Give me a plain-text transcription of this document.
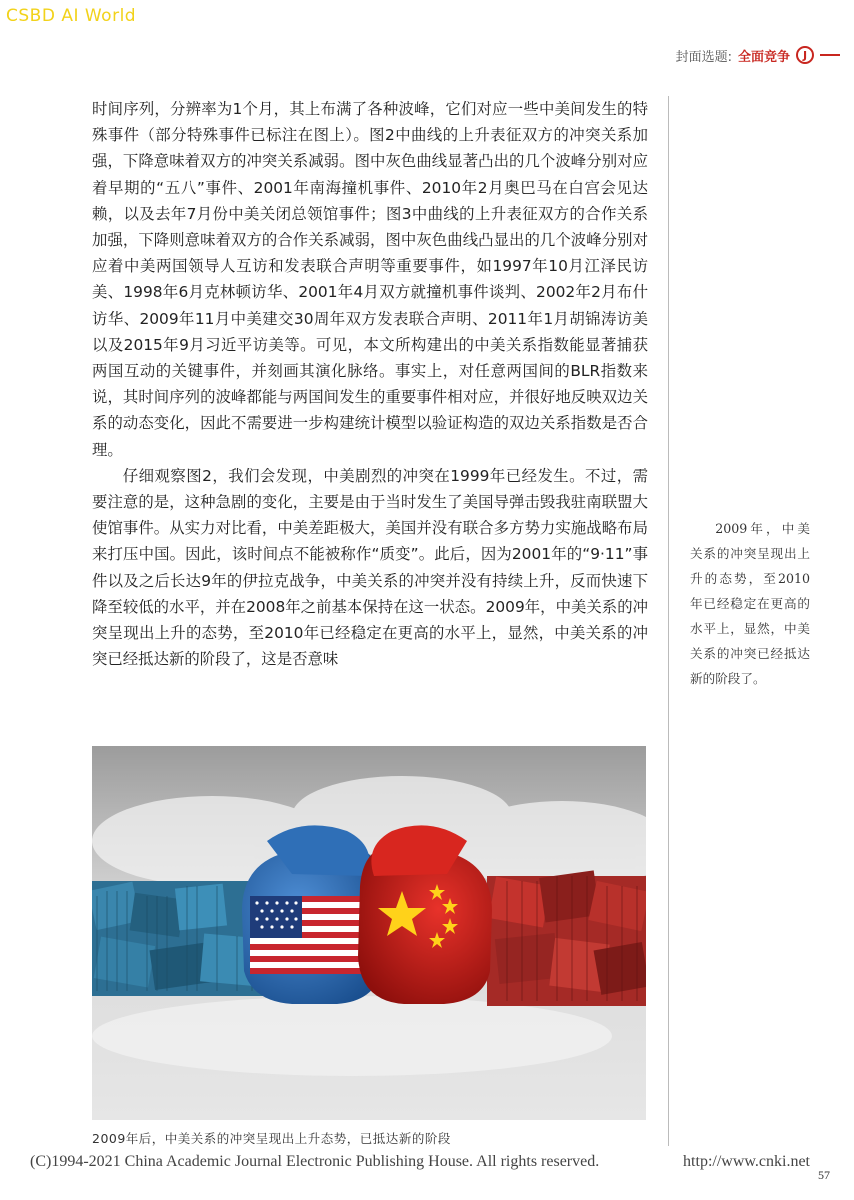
CSBD AI World
封面选题: 全面竞争 J

时间序列，分辨率为1个月，其上布满了各种波峰，它们对应一些中美间发生的特殊事件（部分特殊事件已标注在图上）。图2中曲线的上升表征双方的冲突关系加强，下降意味着双方的冲突关系减弱。图中灰色曲线显著凸出的几个波峰分别对应着早期的“五八”事件、2001年南海撞机事件、2010年2月奥巴马在白宫会见达赖，以及去年7月份中美关闭总领馆事件；图3中曲线的上升表征双方的合作关系加强，下降则意味着双方的合作关系减弱，图中灰色曲线凸显出的几个波峰分别对应着中美两国领导人互访和发表联合声明等重要事件，如1997年10月江泽民访美、1998年6月克林顿访华、2001年4月双方就撞机事件谈判、2002年2月布什访华、2009年11月中美建交30周年双方发表联合声明、2011年1月胡锦涛访美以及2015年9月习近平访美等。可见，本文所构建出的中美关系指数能显著捕获两国互动的关键事件，并刻画其演化脉络。事实上，对任意两国间的BLR指数来说，其时间序列的波峰都能与两国间发生的重要事件相对应，并很好地反映双边关系的动态变化，因此不需要进一步构建统计模型以验证构造的双边关系指数是否合理。

仔细观察图2，我们会发现，中美剧烈的冲突在1999年已经发生。不过，需要注意的是，这种急剧的变化，主要是由于当时发生了美国导弹击毁我驻南联盟大使馆事件。从实力对比看，中美差距极大，美国并没有联合多方势力实施战略布局来打压中国。因此，该时间点不能被称作“质变”。此后，因为2001年的“9·11”事件以及之后长达9年的伊拉克战争，中美关系的冲突并没有持续上升，反而快速下降至较低的水平，并在2008年之前基本保持在这一状态。2009年，中美关系的冲突呈现出上升的态势，至2010年已经稳定在更高的水平上，显然，中美关系的冲突已经抵达新的阶段了，这是否意味

2009年，中美关系的冲突呈现出上升的态势，至2010年已经稳定在更高的水平上，显然，中美关系的冲突已经抵达新的阶段了。
2009年后，中美关系的冲突呈现出上升态势，已抵达新的阶段
(C)1994-2021 China Academic Journal Electronic Publishing House. All rights reserved.	http://www.cnki.net
57
